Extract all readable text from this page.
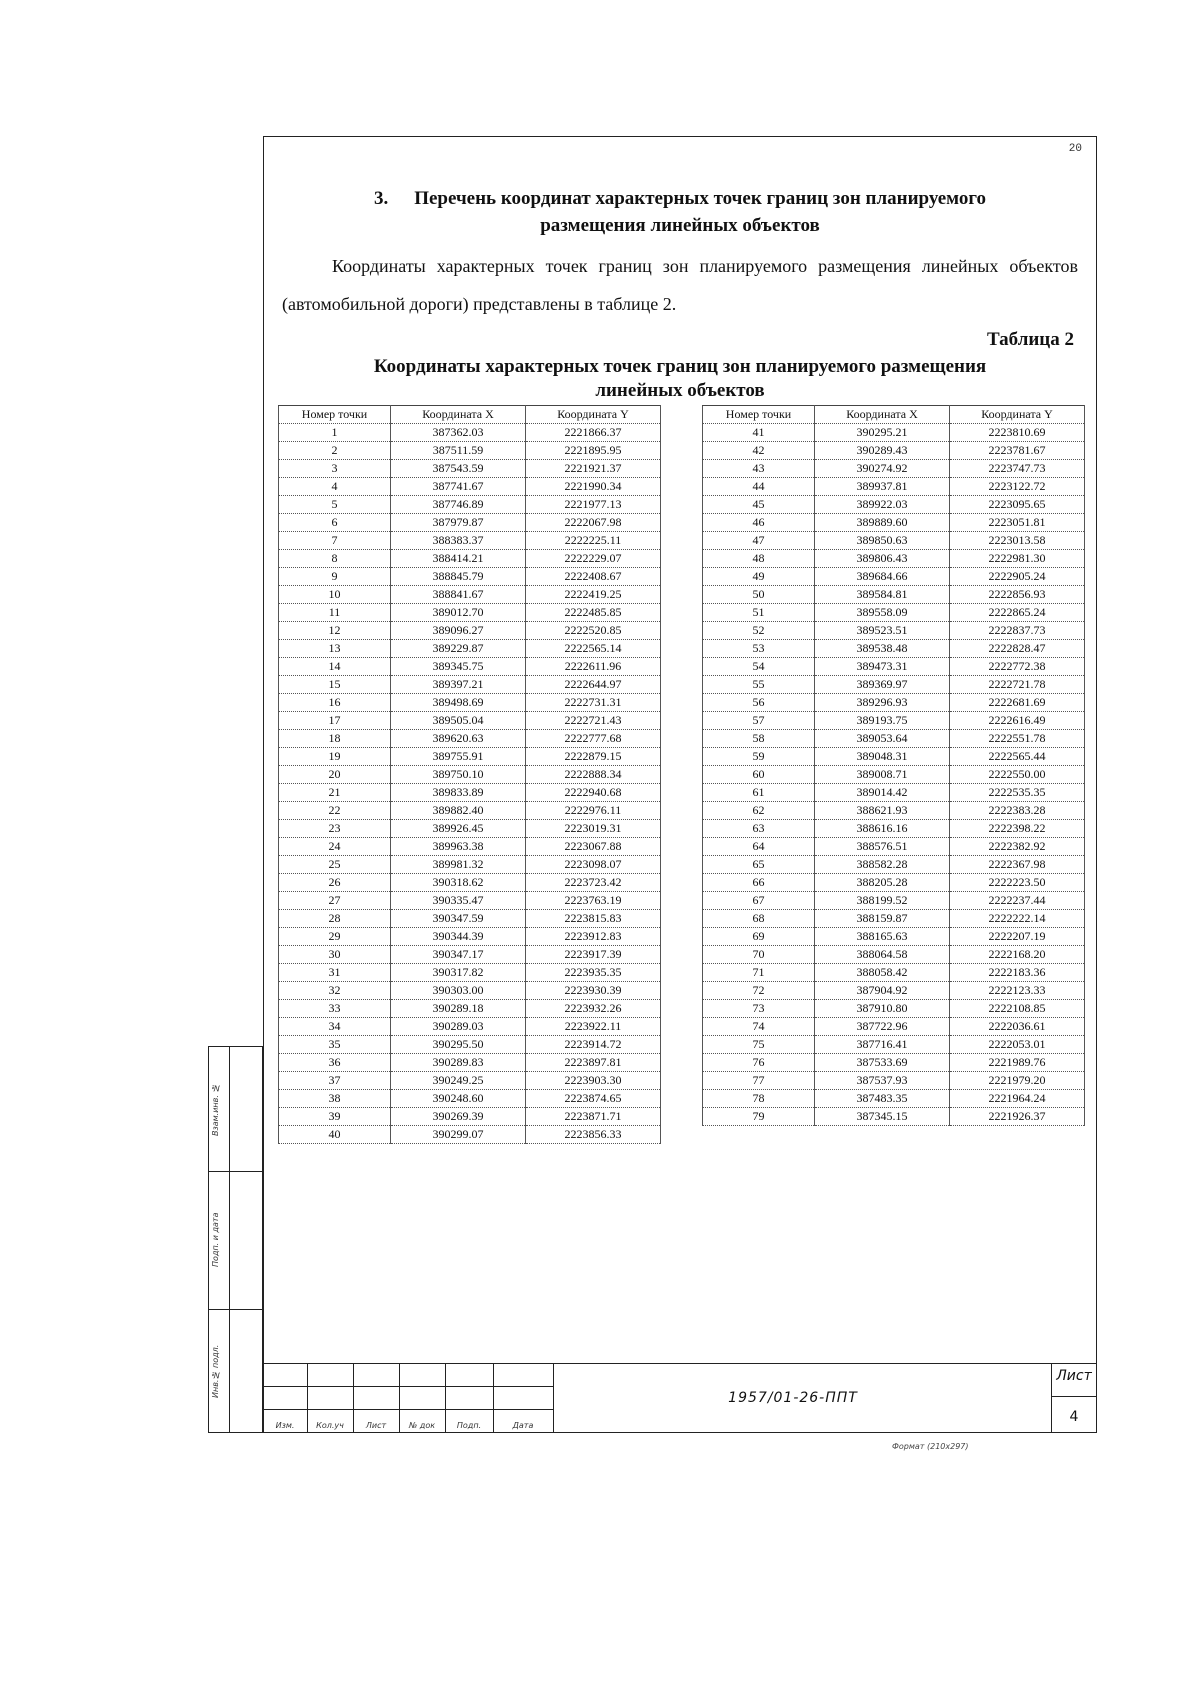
20
3. Перечень координат характерных точек границ зон планируемого
размещения линейных объектов
Координаты характерных точек границ зон планируемого размещения линейных объектов (автомобильной дороги) представлены в таблице 2.
Таблица 2
Координаты характерных точек границ зон планируемого размещения
линейных объектов
Номер точки	Координата X	Координата Y
1	387362.03	2221866.37
2	387511.59	2221895.95
3	387543.59	2221921.37
4	387741.67	2221990.34
5	387746.89	2221977.13
6	387979.87	2222067.98
7	388383.37	2222225.11
8	388414.21	2222229.07
9	388845.79	2222408.67
10	388841.67	2222419.25
11	389012.70	2222485.85
12	389096.27	2222520.85
13	389229.87	2222565.14
14	389345.75	2222611.96
15	389397.21	2222644.97
16	389498.69	2222731.31
17	389505.04	2222721.43
18	389620.63	2222777.68
19	389755.91	2222879.15
20	389750.10	2222888.34
21	389833.89	2222940.68
22	389882.40	2222976.11
23	389926.45	2223019.31
24	389963.38	2223067.88
25	389981.32	2223098.07
26	390318.62	2223723.42
27	390335.47	2223763.19
28	390347.59	2223815.83
29	390344.39	2223912.83
30	390347.17	2223917.39
31	390317.82	2223935.35
32	390303.00	2223930.39
33	390289.18	2223932.26
34	390289.03	2223922.11
35	390295.50	2223914.72
36	390289.83	2223897.81
37	390249.25	2223903.30
38	390248.60	2223874.65
39	390269.39	2223871.71
40	390299.07	2223856.33
Номер точки	Координата X	Координата Y
41	390295.21	2223810.69
42	390289.43	2223781.67
43	390274.92	2223747.73
44	389937.81	2223122.72
45	389922.03	2223095.65
46	389889.60	2223051.81
47	389850.63	2223013.58
48	389806.43	2222981.30
49	389684.66	2222905.24
50	389584.81	2222856.93
51	389558.09	2222865.24
52	389523.51	2222837.73
53	389538.48	2222828.47
54	389473.31	2222772.38
55	389369.97	2222721.78
56	389296.93	2222681.69
57	389193.75	2222616.49
58	389053.64	2222551.78
59	389048.31	2222565.44
60	389008.71	2222550.00
61	389014.42	2222535.35
62	388621.93	2222383.28
63	388616.16	2222398.22
64	388576.51	2222382.92
65	388582.28	2222367.98
66	388205.28	2222223.50
67	388199.52	2222237.44
68	388159.87	2222222.14
69	388165.63	2222207.19
70	388064.58	2222168.20
71	388058.42	2222183.36
72	387904.92	2222123.33
73	387910.80	2222108.85
74	387722.96	2222036.61
75	387716.41	2222053.01
76	387533.69	2221989.76
77	387537.93	2221979.20
78	387483.35	2221964.24
79	387345.15	2221926.37
Взам.инв. №
Подп. и дата
Инв.№ подл.
Изм.	Кол.уч	Лист	№ док	Подп.	Дата
1957/01-26-ППТ
Лист
4
Формат (210х297)
